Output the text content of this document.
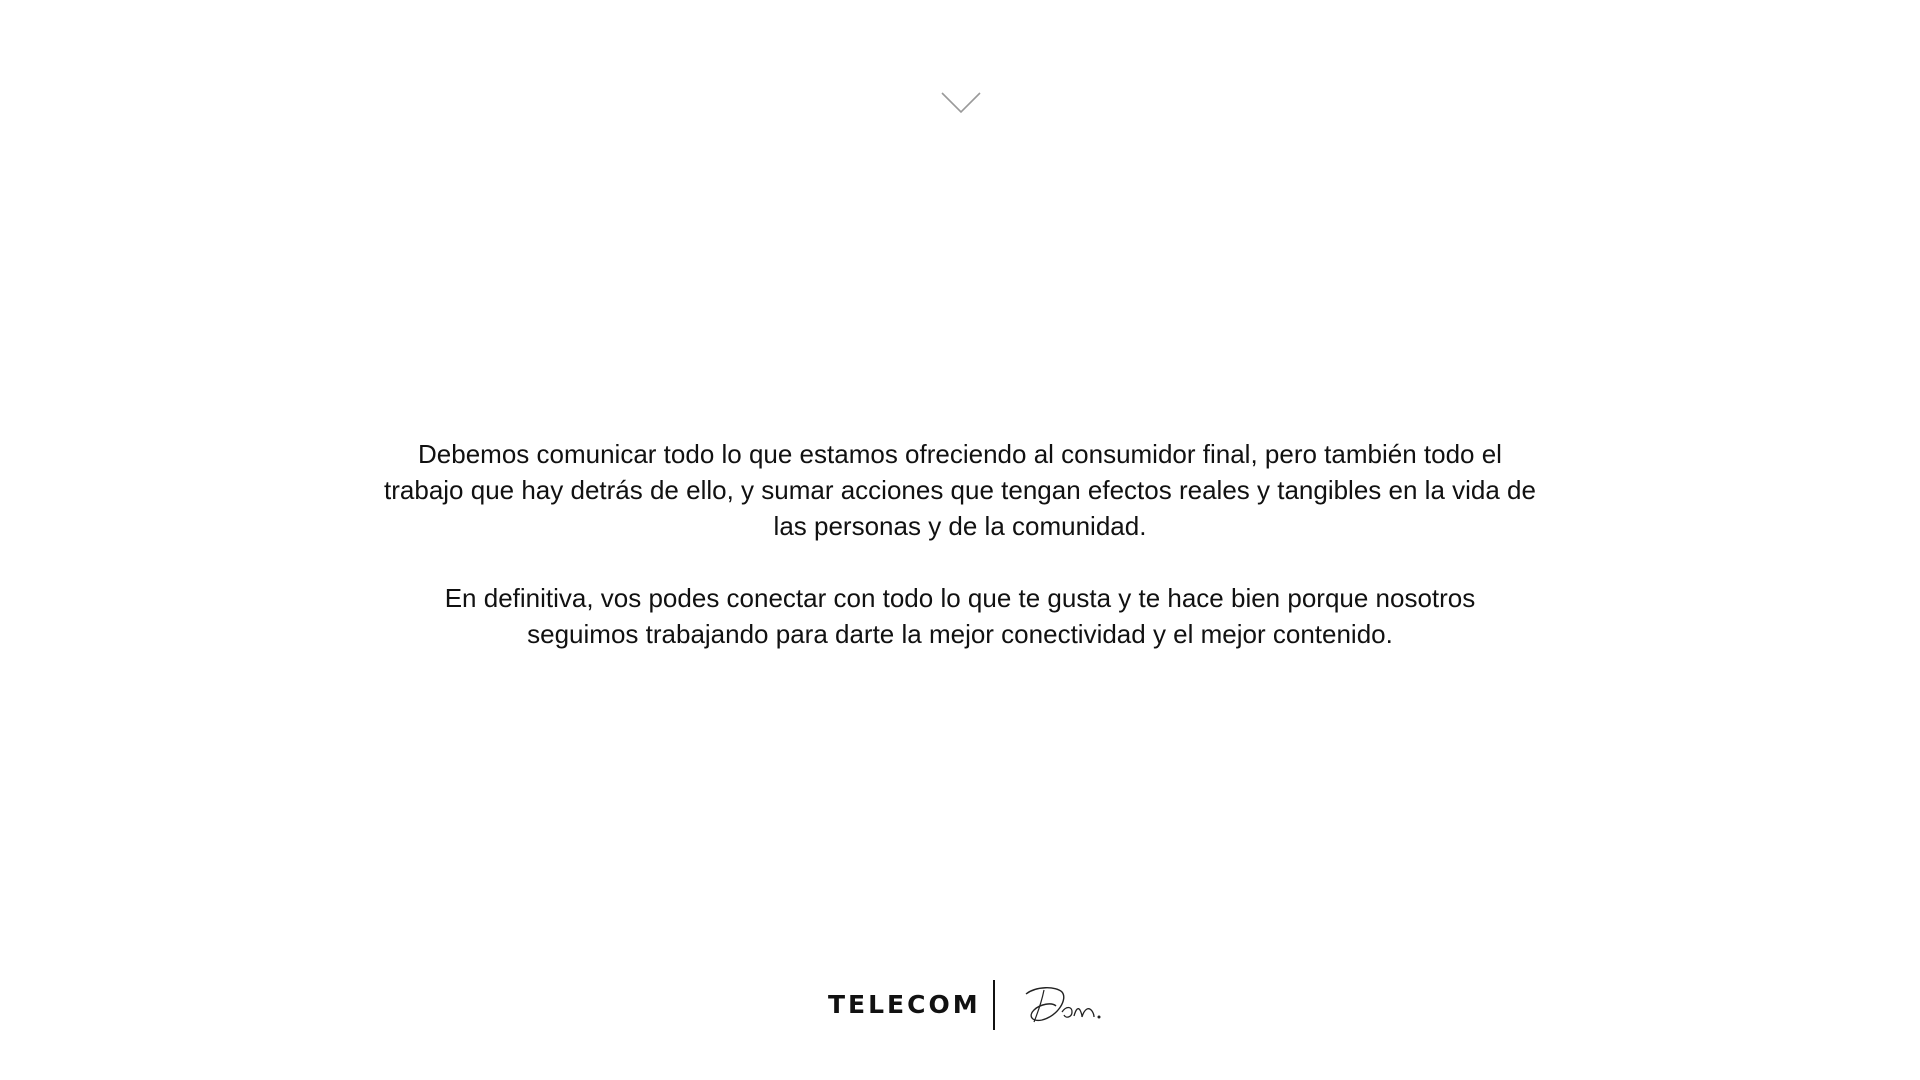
Debemos comunicar todo lo que estamos ofreciendo al consumidor final, pero también todo el
trabajo que hay detrás de ello, y sumar acciones que tengan efectos reales y tangibles en la vida de
las personas y de la comunidad.

En definitiva, vos podes conectar con todo lo que te gusta y te hace bien porque nosotros
seguimos trabajando para darte la mejor conectividad y el mejor contenido.

TELECOM
